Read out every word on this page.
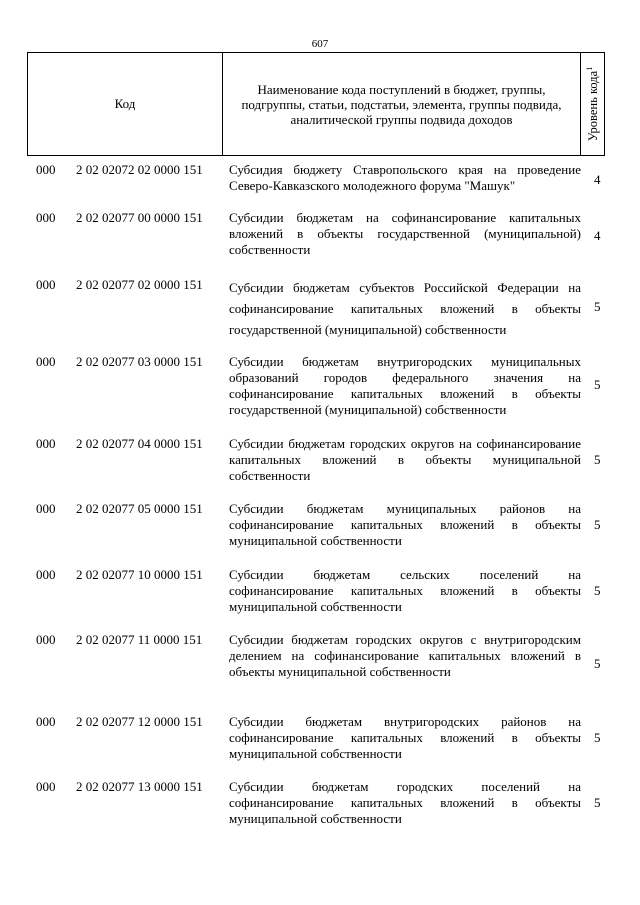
607
Код
Наименование кода поступлений в бюджет, группы, подгруппы, статьи, подстатьи, элемента, группы подвида, аналитической группы подвида доходов	Уровень кода$^1$
000 2 02 02072 02 0000 151 Субсидия бюджету Ставропольского края на проведение Северо-Кавказского молодежного форума "Машук"	4
000 2 02 02077 00 0000 151 Субсидии бюджетам на софинансирование капитальных вложений в объекты государственной (муниципальной) собственности
4
000 2 02 02077 02 0000 151 Субсидии бюджетам субъектов Российской Федерации на софинансирование капитальных вложений в объекты государственной (муниципальной) собственности
5
000 2 02 02077 03 0000 151 Субсидии бюджетам внутригородских муниципальных образований городов федерального значения на софинансирование капитальных вложений в объекты государственной (муниципальной) собственности
5
000 2 02 02077 04 0000 151 Субсидии бюджетам городских округов на софинансирование капитальных вложений в объекты муниципальной собственности
5
000 2 02 02077 05 0000 151 Субсидии бюджетам муниципальных районов на софинансирование капитальных вложений в объекты муниципальной собственности
5
000 2 02 02077 10 0000 151 Субсидии бюджетам сельских поселений на софинансирование капитальных вложений в объекты муниципальной собственности
5
000 2 02 02077 11 0000 151 Субсидии бюджетам городских округов с внутригородским делением на софинансирование капитальных вложений в объекты муниципальной собственности
5
000 2 02 02077 12 0000 151 Субсидии бюджетам внутригородских районов на софинансирование капитальных вложений в объекты муниципальной собственности
5
000 2 02 02077 13 0000 151 Субсидии бюджетам городских поселений на софинансирование капитальных вложений в объекты муниципальной собственности
5
